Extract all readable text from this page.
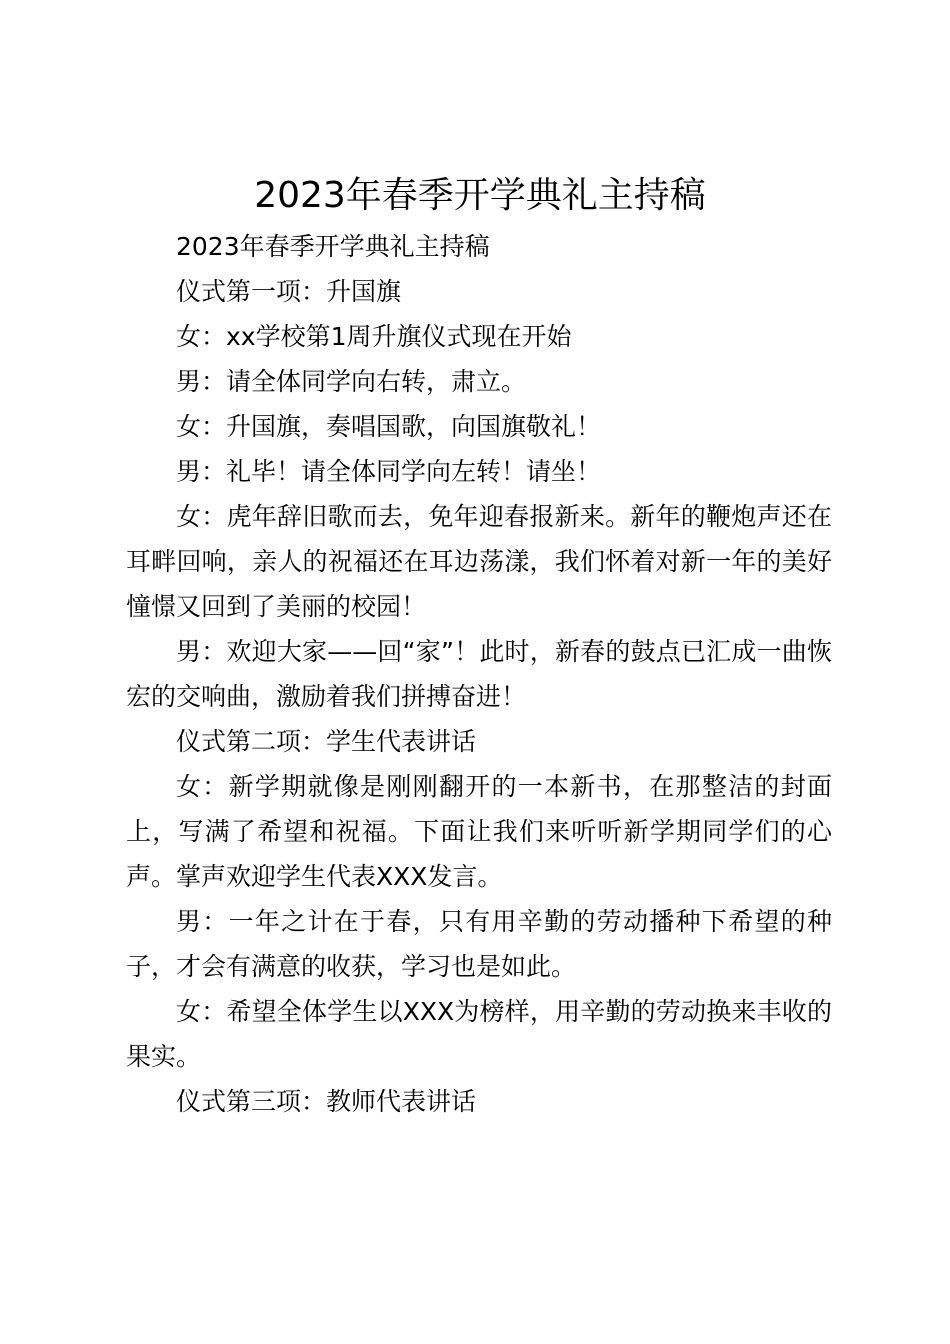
2023年春季开学典礼主持稿

2023年春季开学典礼主持稿

仪式第一项：升国旗

女：xx学校第1周升旗仪式现在开始

男：请全体同学向右转，肃立。

女：升国旗，奏唱国歌，向国旗敬礼！

男：礼毕！请全体同学向左转！请坐！

女：虎年辞旧歌而去，免年迎春报新来。新年的鞭炮声还在耳畔回响，亲人的祝福还在耳边荡漾，我们怀着对新一年的美好憧憬又回到了美丽的校园！

男：欢迎大家——回“家”！此时，新春的鼓点已汇成一曲恢宏的交响曲，激励着我们拼搏奋进！

仪式第二项：学生代表讲话

女：新学期就像是刚刚翻开的一本新书，在那整洁的封面上，写满了希望和祝福。下面让我们来听听新学期同学们的心声。掌声欢迎学生代表XXX发言。

男：一年之计在于春，只有用辛勤的劳动播种下希望的种子，才会有满意的收获，学习也是如此。

女：希望全体学生以XXX为榜样，用辛勤的劳动换来丰收的果实。

仪式第三项：教师代表讲话
